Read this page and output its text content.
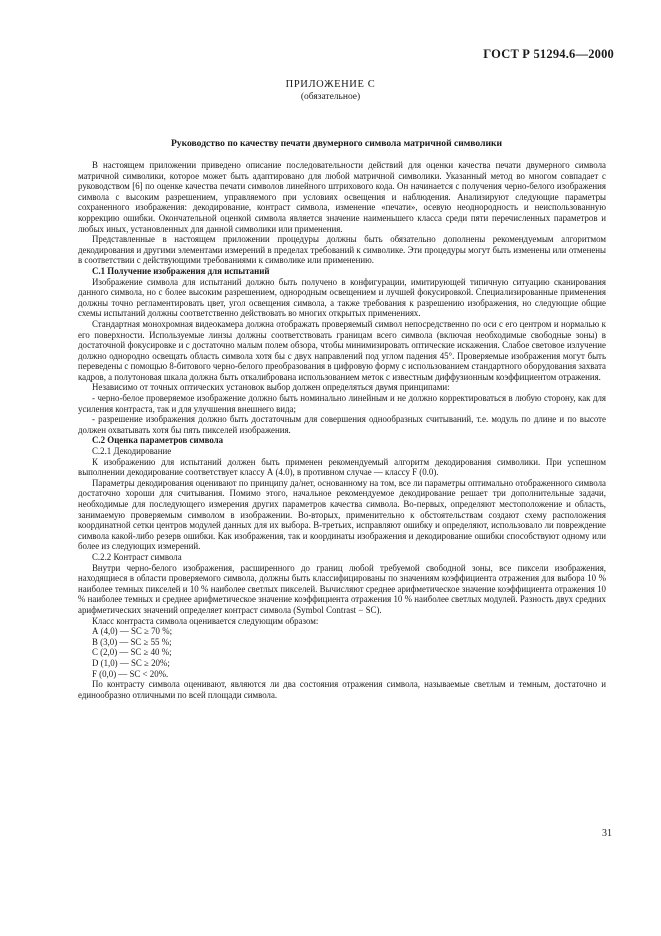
ГОСТ Р 51294.6—2000
ПРИЛОЖЕНИЕ С
(обязательное)
Руководство по качеству печати двумерного символа матричной символики

В настоящем приложении приведено описание последовательности действий для оценки качества печати двумерного символа матричной символики, которое может быть адаптировано для любой матричной символики. Указанный метод во многом совпадает с руководством [6] по оценке качества печати символов линейного штрихового кода. Он начинается с получения черно-белого изображения символа с высоким разрешением, управляемого при условиях освещения и наблюдения. Анализируют следующие параметры сохраненного изображения: декодирование, контраст символа, изменение «печати», осевую неоднородность и неиспользованную коррекцию ошибки. Окончательной оценкой символа является значение наименьшего класса среди пяти перечисленных параметров и любых иных, установленных для данной символики или применения.

Представленные в настоящем приложении процедуры должны быть обязательно дополнены рекомендуемым алгоритмом декодирования и другими элементами измерений в пределах требований к символике. Эти процедуры могут быть изменены или отменены в соответствии с действующими требованиями к символике или применению.

С.1 Получение изображения для испытаний

Изображение символа для испытаний должно быть получено в конфигурации, имитирующей типичную ситуацию сканирования данного символа, но с более высоким разрешением, однородным освещением и лучшей фокусировкой. Специализированные применения должны точно регламентировать цвет, угол освещения символа, а также требования к разрешению изображения, но следующие общие схемы испытаний должны соответственно действовать во многих открытых применениях.

Стандартная монохромная видеокамера должна отображать проверяемый символ непосредственно по оси с его центром и нормалью к его поверхности. Используемые линзы должны соответствовать границам всего символа (включая необходимые свободные зоны) в достаточной фокусировке и с достаточно малым полем обзора, чтобы минимизировать оптические искажения. Слабое световое излучение должно однородно освещать область символа хотя бы с двух направлений под углом падения 45°. Проверяемые изображения могут быть переведены с помощью 8-битового черно-белого преобразования в цифровую форму с использованием стандартного оборудования захвата кадров, а полутоновая шкала должна быть откалиброванa использованием меток с известным диффузионным коэффициентом отражения.

Независимо от точных оптических установок выбор должен определяться двумя принципами:

- черно-белое проверяемое изображение должно быть номинально линейным и не должно корректироваться в любую сторону, как для усиления контраста, так и для улучшения внешнего вида;

- разрешение изображения должно быть достаточным для совершения однообразных считываний, т.е. модуль по длине и по высоте должен охватывать хотя бы пять пикселей изображения.

С.2 Оценка параметров символа

С.2.1 Декодирование

К изображению для испытаний должен быть применен рекомендуемый алгоритм декодирования символики. При успешном выполнении декодирование соответствует классу А (4.0), в противном случае — классу F (0.0).

Параметры декодирования оценивают по принципу да/нет, основанному на том, все ли параметры оптимально отображенного символа достаточно хороши для считывания. Помимо этого, начальное рекомендуемое декодирование решает три дополнительные задачи, необходимые для последующего измерения других параметров качества символа. Во-первых, определяют местоположение и область, занимаемую проверяемым символом в изображении. Во-вторых, применительно к обстоятельствам создают схему расположения координатной сетки центров модулей данных для их выбора. В-третьих, исправляют ошибку и определяют, использовало ли повреждение символа какой-либо резерв ошибки. Как изображения, так и координаты изображения и декодирование ошибки способствуют одному или более из следующих измерений.

С.2.2 Контраст символа

Внутри черно-белого изображения, расширенного до границ любой требуемой свободной зоны, все пиксели изображения, находящиеся в области проверяемого символа, должны быть классифицированы по значениям коэффициента отражения для выбора 10 % наиболее темных пикселей и 10 % наиболее светлых пикселей. Вычисляют среднее арифметическое значение коэффициента отражения 10 % наиболее темных и среднее арифметическое значение коэффициента отражения 10 % наиболее светлых модулей. Разность двух средних арифметических значений определяет контраст символа (Symbol Contrast − SC).

Класс контраста символа оценивается следующим образом:

А (4,0) — SC ≥ 70 %;

В (3,0) — SC ≥ 55 %;

С (2,0) — SC ≥ 40 %;

D (1,0) — SC ≥ 20%;

F (0,0) — SC < 20%.

По контрасту символа оценивают, являются ли два состояния отражения символа, называемые светлым и темным, достаточно и единообразно отличными по всей площади символа.

31
